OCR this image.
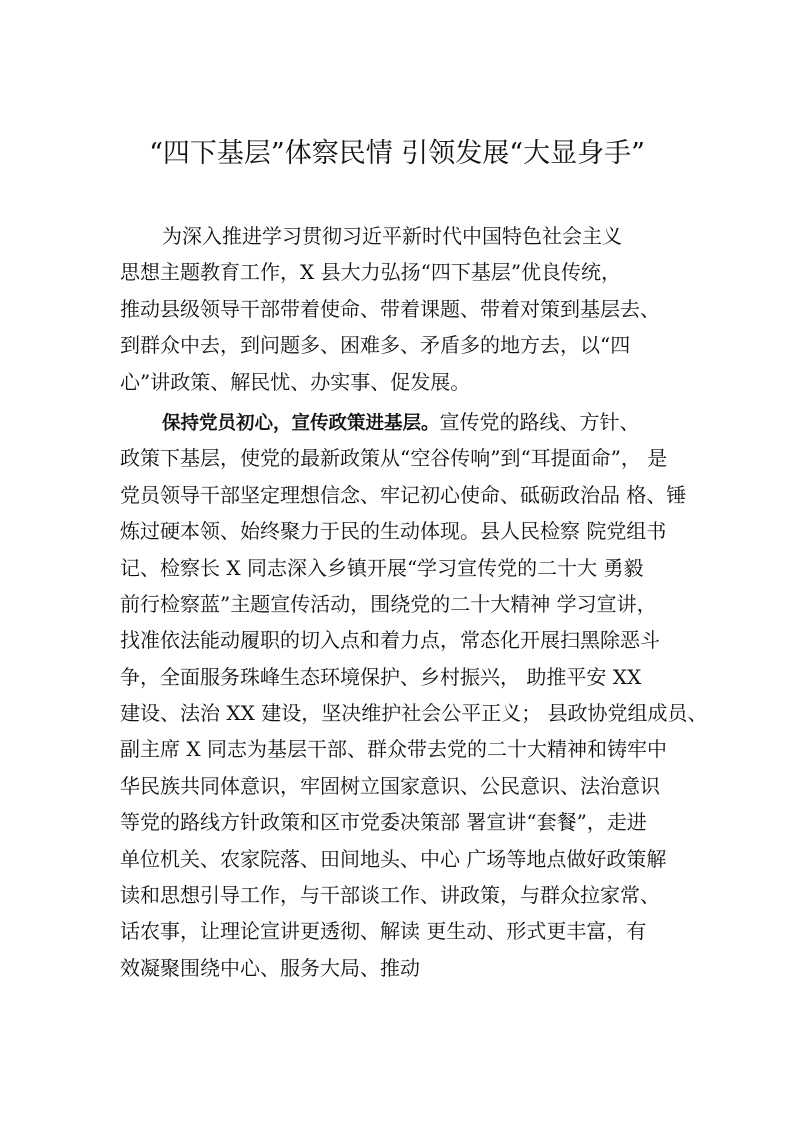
“四下基层”体察民情 引领发展“大显身手”
为深入推进学习贯彻习近平新时代中国特色社会主义
思想主题教育工作，X 县大力弘扬“四下基层”优良传统，
推动县级领导干部带着使命、带着课题、带着对策到基层去、
到群众中去，到问题多、困难多、矛盾多的地方去，以“四
心”讲政策、解民忧、办实事、促发展。
保持党员初心，宣传政策进基层。宣传党的路线、方针、
政策下基层，使党的最新政策从“空谷传响”到“耳提面命”， 是
党员领导干部坚定理想信念、牢记初心使命、砥砺政治品 格、锤
炼过硬本领、始终聚力于民的生动体现。县人民检察 院党组书
记、检察长 X 同志深入乡镇开展“学习宣传党的二十大 勇毅
前行检察蓝”主题宣传活动，围绕党的二十大精神 学习宣讲，
找准依法能动履职的切入点和着力点，常态化开展扫黑除恶斗
争，全面服务珠峰生态环境保护、乡村振兴， 助推平安 XX
建设、法治 XX 建设，坚决维护社会公平正义； 县政协党组成员、
副主席 X 同志为基层干部、群众带去党的二十大精神和铸牢中
华民族共同体意识，牢固树立国家意识、公民意识、法治意识
等党的路线方针政策和区市党委决策部 署宣讲“套餐”，走进
单位机关、农家院落、田间地头、中心 广场等地点做好政策解
读和思想引导工作，与干部谈工作、讲政策，与群众拉家常、
话农事，让理论宣讲更透彻、解读 更生动、形式更丰富，有
效凝聚围绕中心、服务大局、推动
